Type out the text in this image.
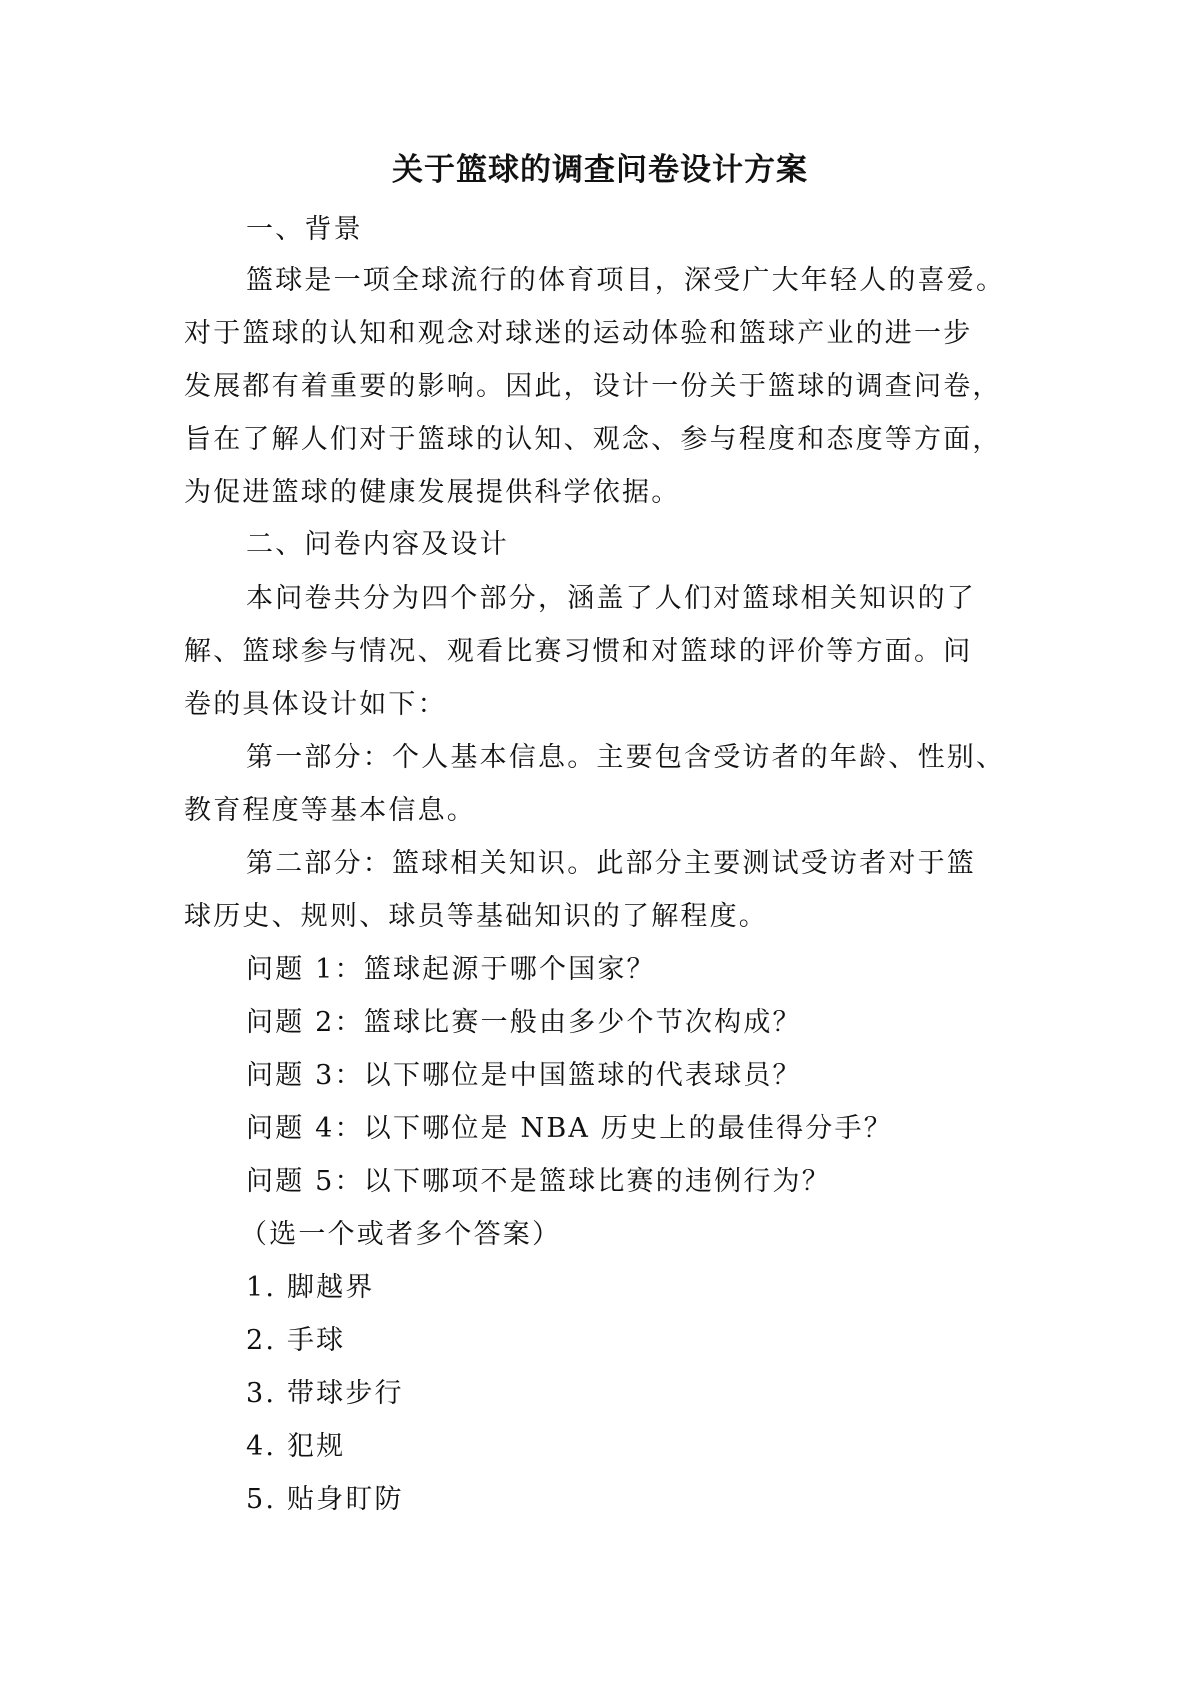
关于篮球的调查问卷设计方案
一、背景
篮球是一项全球流行的体育项目，深受广大年轻人的喜爱。
对于篮球的认知和观念对球迷的运动体验和篮球产业的进一步
发展都有着重要的影响。因此，设计一份关于篮球的调查问卷，
旨在了解人们对于篮球的认知、观念、参与程度和态度等方面，
为促进篮球的健康发展提供科学依据。
二、问卷内容及设计
本问卷共分为四个部分，涵盖了人们对篮球相关知识的了
解、篮球参与情况、观看比赛习惯和对篮球的评价等方面。问
卷的具体设计如下：
第一部分：个人基本信息。主要包含受访者的年龄、性别、
教育程度等基本信息。
第二部分：篮球相关知识。此部分主要测试受访者对于篮
球历史、规则、球员等基础知识的了解程度。
问题 1：篮球起源于哪个国家？
问题 2：篮球比赛一般由多少个节次构成？
问题 3：以下哪位是中国篮球的代表球员？
问题 4：以下哪位是 NBA 历史上的最佳得分手？
问题 5：以下哪项不是篮球比赛的违例行为？
（选一个或者多个答案）
1. 脚越界
2. 手球
3. 带球步行
4. 犯规
5. 贴身盯防
